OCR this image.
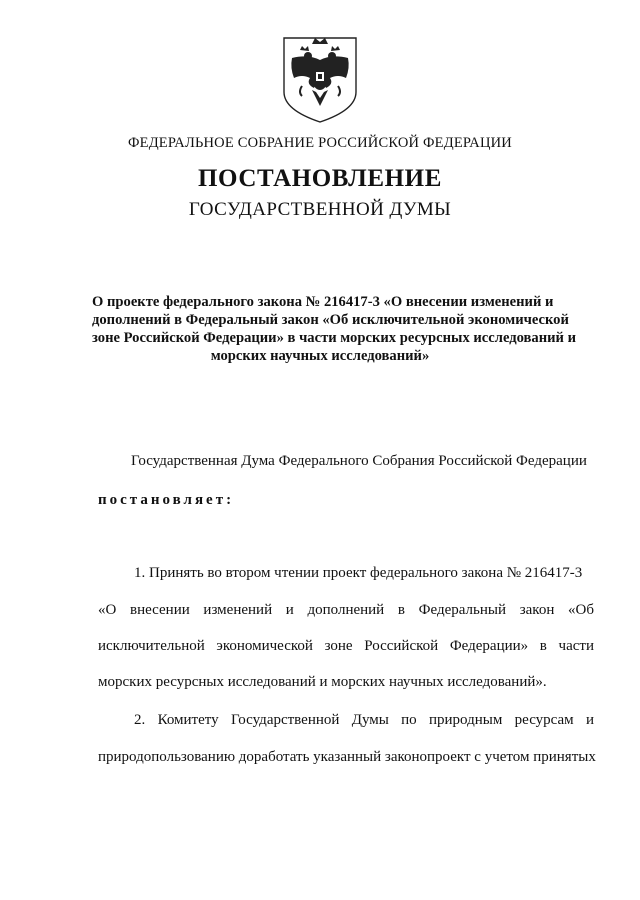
ФЕДЕРАЛЬНОЕ СОБРАНИЕ РОССИЙСКОЙ ФЕДЕРАЦИИ
ПОСТАНОВЛЕНИЕ
ГОСУДАРСТВЕННОЙ ДУМЫ
О проекте федерального закона № 216417-3 «О внесении изменений и
дополнений в Федеральный закон «Об исключительной экономической
зоне Российской Федерации» в части морских ресурсных исследований и
морских научных исследований»
Государственная Дума Федерального Собрания Российской Федерации
постановляет:
1. Принять во втором чтении проект федерального закона № 216417-3
«О внесении изменений и дополнений в Федеральный закон «Об
исключительной экономической зоне Российской Федерации» в части
морских ресурсных исследований и морских научных исследований».
2. Комитету Государственной Думы по природным ресурсам и
природопользованию доработать указанный законопроект с учетом принятых
